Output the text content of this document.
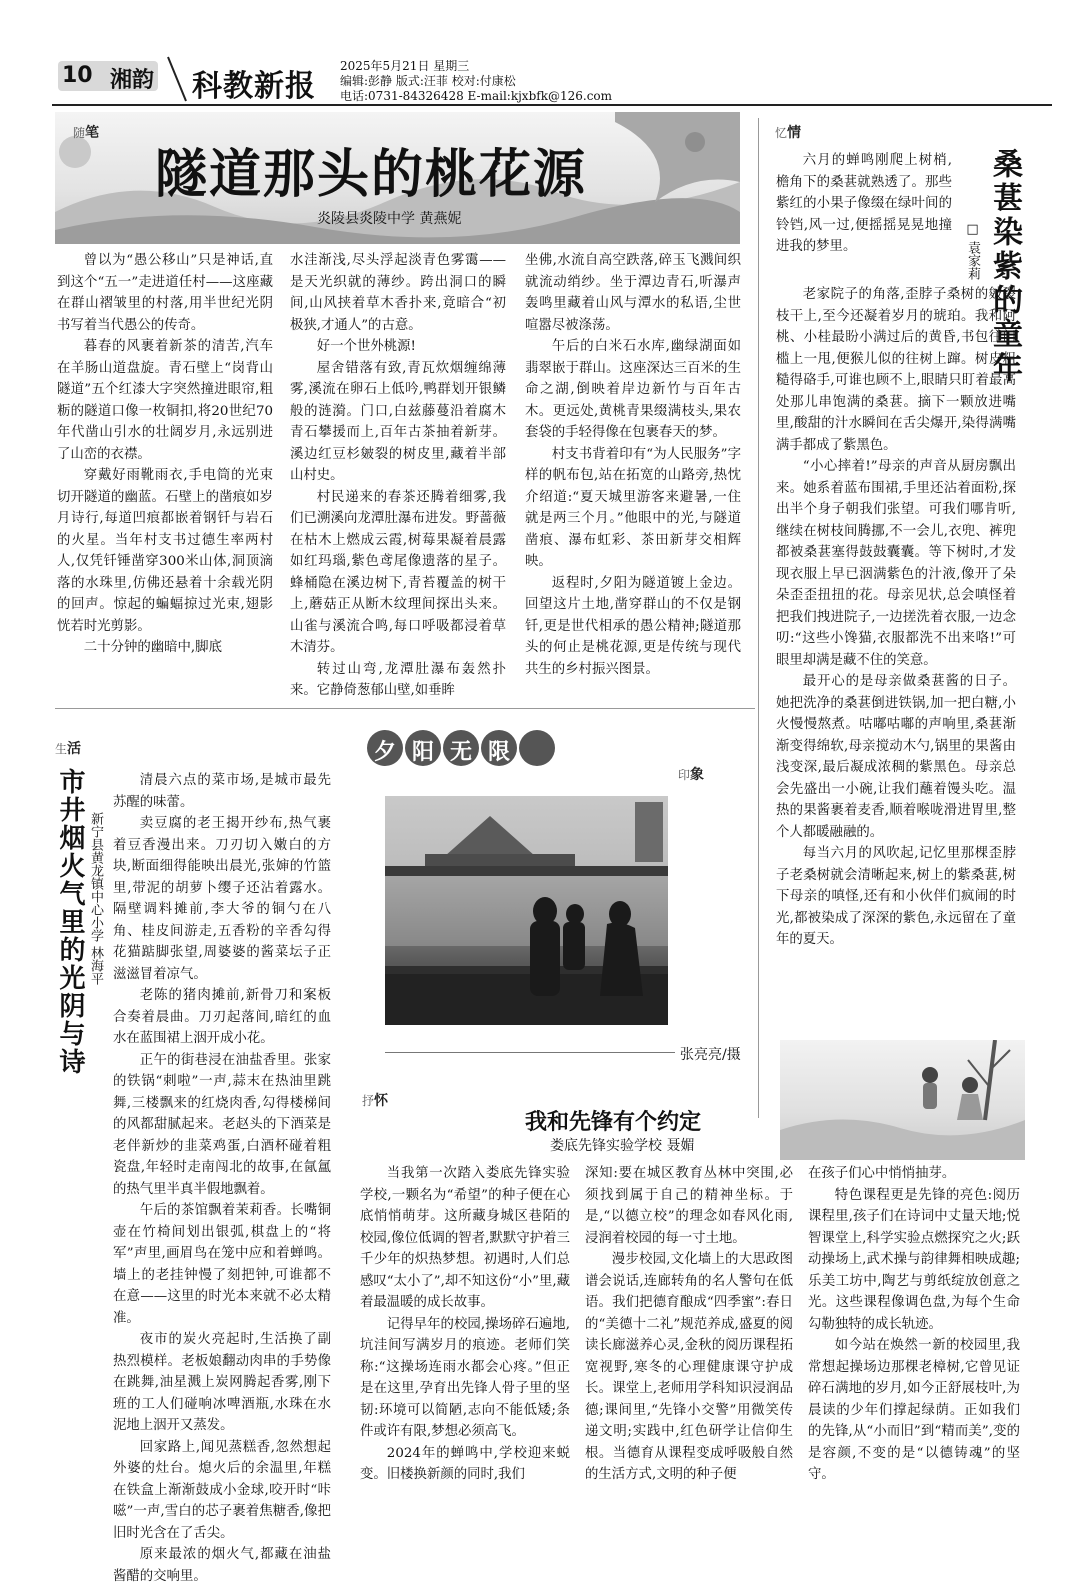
10 湘韵 科教新报
2025年5月21日 星期三
编辑:彭静 版式:汪菲 校对:付康松
电话:0731-84326428 E-mail:kjxbfk@126.com
随笔
隧道那头的桃花源
炎陵县炎陵中学 黄燕妮

曾以为“愚公移山”只是神话,直到这个“五一”走进道任村——这座藏在群山褶皱里的村落,用半世纪光阴书写着当代愚公的传奇。

暮春的风裹着新茶的清苦,汽车在羊肠山道盘旋。青石壁上“岗背山隧道”五个红漆大字突然撞进眼帘,粗粝的隧道口像一枚铜扣,将20世纪70年代凿山引水的壮阔岁月,永远别进了山峦的衣襟。

穿戴好雨靴雨衣,手电筒的光束切开隧道的幽蓝。石壁上的凿痕如岁月诗行,每道凹痕都嵌着钢钎与岩石的火星。当年村支书过德生率两村人,仅凭钎锤凿穿300米山体,洞顶滴落的水珠里,仿佛还悬着十余载光阴的回声。惊起的蝙蝠掠过光束,翅影恍若时光剪影。

二十分钟的幽暗中,脚底

水洼渐浅,尽头浮起淡青色雾霭——是天光织就的薄纱。跨出洞口的瞬间,山风挟着草木香扑来,竟暗合“初极狭,才通人”的古意。

好一个世外桃源!

屋舍错落有致,青瓦炊烟缠绵薄雾,溪流在卵石上低吟,鸭群划开银鳞般的涟漪。门口,白兹藤蔓沿着腐木青石攀援而上,百年古茶抽着新芽。溪边红豆杉皴裂的树皮里,藏着半部山村史。

村民递来的春茶还腾着细雾,我们已溯溪向龙潭肚瀑布进发。野蔷薇在枯木上燃成云霞,树莓果凝着晨露如红玛瑙,紫色鸢尾像遗落的星子。蜂桶隐在溪边树下,青苔覆盖的树干上,蘑菇正从断木纹理间探出头来。山雀与溪流合鸣,每口呼吸都浸着草木清芬。

转过山弯,龙潭肚瀑布轰然扑来。它静倚葱郁山壁,如垂眸

坐佛,水流自高空跌落,碎玉飞溅间织就流动绡纱。坐于潭边青石,听瀑声轰鸣里藏着山风与潭水的私语,尘世喧嚣尽被涤荡。

午后的白米石水库,幽绿湖面如翡翠嵌于群山。这座深达三百米的生命之湖,倒映着岸边新竹与百年古木。更远处,黄桃青果缀满枝头,果农套袋的手轻得像在包裹春天的梦。

村支书背着印有“为人民服务”字样的帆布包,站在拓宽的山路旁,热忱介绍道:“夏天城里游客来避暑,一住就是两三个月。”他眼中的光,与隧道凿痕、瀑布虹彩、茶田新芽交相辉映。

返程时,夕阳为隧道镀上金边。回望这片土地,凿穿群山的不仅是钢钎,更是世代相承的愚公精神;隧道那头的何止是桃花源,更是传统与现代共生的乡村振兴图景。

忆情
桑葚染紫的童年
□ 袁家莉

六月的蝉鸣刚爬上树梢,檐角下的桑葚就熟透了。那些紫红的小果子像缀在绿叶间的铃铛,风一过,便摇摇晃晃地撞进我的梦里。

老家院子的角落,歪脖子桑树的皴裂枝干上,至今还凝着岁月的琥珀。我和阿桃、小桂最盼小满过后的黄昏,书包往门槛上一甩,便猴儿似的往树上蹿。树皮粗糙得硌手,可谁也顾不上,眼睛只盯着最高处那儿串饱满的桑葚。摘下一颗放进嘴里,酸甜的汁水瞬间在舌尖爆开,染得满嘴满手都成了紫黑色。

“小心摔着!”母亲的声音从厨房飘出来。她系着蓝布围裙,手里还沾着面粉,探出半个身子朝我们张望。可我们哪肯听,继续在树枝间腾挪,不一会儿,衣兜、裤兜都被桑葚塞得鼓鼓囊囊。等下树时,才发现衣服上早已洇满紫色的汁液,像开了朵朵歪歪扭扭的花。母亲见状,总会嗔怪着把我们拽进院子,一边搓洗着衣服,一边念叨:“这些小馋猫,衣服都洗不出来咯!”可眼里却满是藏不住的笑意。

最开心的是母亲做桑葚酱的日子。她把洗净的桑葚倒进铁锅,加一把白糖,小火慢慢熬煮。咕嘟咕嘟的声响里,桑葚渐渐变得绵软,母亲搅动木勺,锅里的果酱由浅变深,最后凝成浓稠的紫黑色。母亲总会先盛出一小碗,让我们蘸着馒头吃。温热的果酱裹着麦香,顺着喉咙滑进胃里,整个人都暖融融的。

每当六月的风吹起,记忆里那棵歪脖子老桑树就会清晰起来,树上的紫桑葚,树下母亲的嗔怪,还有和小伙伴们疯闹的时光,都被染成了深深的紫色,永远留在了童年的夏天。

生活
市井烟火气里的光阴与诗 新宁县黄龙镇中心小学 林海平

清晨六点的菜市场,是城市最先苏醒的味蕾。

卖豆腐的老王揭开纱布,热气裹着豆香漫出来。刀刃切入嫩白的方块,断面细得能映出晨光,张婶的竹篮里,带泥的胡萝卜缨子还沾着露水。隔壁调料摊前,李大爷的铜勺在八角、桂皮间游走,五香粉的辛香勾得花猫踮脚张望,周婆婆的酱菜坛子正滋滋冒着凉气。

老陈的猪肉摊前,新骨刀和案板合奏着晨曲。刀刃起落间,暗红的血水在蓝围裙上洇开成小花。

正午的街巷浸在油盐香里。张家的铁锅“刺啦”一声,蒜末在热油里跳舞,三楼飘来的红烧肉香,勾得楼梯间的风都甜腻起来。老赵头的下酒菜是老伴新炒的韭菜鸡蛋,白酒杯碰着粗瓷盘,年轻时走南闯北的故事,在氤氲的热气里半真半假地飘着。

午后的茶馆飘着茉莉香。长嘴铜壶在竹椅间划出银弧,棋盘上的“将军”声里,画眉鸟在笼中应和着蝉鸣。墙上的老挂钟慢了刻把钟,可谁都不在意——这里的时光本来就不必太精准。

夜市的炭火亮起时,生活换了副热烈模样。老板娘翻动肉串的手势像在跳舞,油星溅上炭网腾起香雾,刚下班的工人们碰响冰啤酒瓶,水珠在水泥地上洇开又蒸发。

回家路上,闻见蒸糕香,忽然想起外婆的灶台。熄火后的余温里,年糕在铁盒上渐渐鼓成小金球,咬开时“咔嗞”一声,雪白的芯子裹着焦糖香,像把旧时光含在了舌尖。

原来最浓的烟火气,都藏在油盐酱醋的交响里。

夕阳无限好	印象
张亮亮/摄
抒怀
我和先锋有个约定
娄底先锋实验学校 聂媚

当我第一次踏入娄底先锋实验学校,一颗名为“希望”的种子便在心底悄悄萌芽。这所藏身城区巷陌的校园,像位低调的智者,默默守护着三千少年的炽热梦想。初遇时,人们总感叹“太小了”,却不知这份“小”里,藏着最温暖的成长故事。

记得早年的校园,操场碎石遍地,坑洼间写满岁月的痕迹。老师们笑称:“这操场连雨水都会心疼。”但正是在这里,孕育出先锋人骨子里的坚韧:环境可以简陋,志向不能低矮;条件或许有限,梦想必须高飞。

2024年的蝉鸣中,学校迎来蜕变。旧楼换新颜的同时,我们

深知:要在城区教育丛林中突围,必须找到属于自己的精神坐标。于是,“以德立校”的理念如春风化雨,浸润着校园的每一寸土地。

漫步校园,文化墙上的大思政图谱会说话,连廊转角的名人警句在低语。我们把德育酿成“四季蜜”:春日的“美德十二礼”规范养成,盛夏的阅读长廊滋养心灵,金秋的阅历课程拓宽视野,寒冬的心理健康课守护成长。课堂上,老师用学科知识浸润品德;课间里,“先锋小交警”用微笑传递文明;实践中,红色研学让信仰生根。当德育从课程变成呼吸般自然的生活方式,文明的种子便

在孩子们心中悄悄抽芽。

特色课程更是先锋的亮色:阅历课程里,孩子们在诗词中丈量天地;悦智课堂上,科学实验点燃探究之火;跃动操场上,武术操与韵律舞相映成趣;乐美工坊中,陶艺与剪纸绽放创意之光。这些课程像调色盘,为每个生命勾勒独特的成长轨迹。

如今站在焕然一新的校园里,我常想起操场边那棵老樟树,它曾见证碎石满地的岁月,如今正舒展枝叶,为晨读的少年们撑起绿荫。正如我们的先锋,从“小而旧”到“精而美”,变的是容颜,不变的是“以德铸魂”的坚守。
